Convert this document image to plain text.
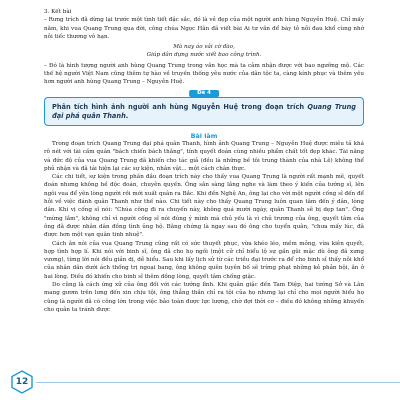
3. Kết bài

– Rưng trích đã dừng lại trước một tình tiết đặc sắc, đó là vẻ đẹp của một người anh hùng Nguyễn Huệ. Chỉ mấy năm, khi vua Quang Trung qua đời, công chúa Ngọc Hân đã viết bài Ai tư văn để bày tỏ nỗi đau khổ cùng nhớ nỗi tiếc thương vô hạn.

Mà nay áo vải cờ đào,

Giúp dân dựng nước xiết bao công trình.

– Đó là hình tượng người anh hùng Quang Trung trong văn học mà ta cảm nhận được với bao ngưỡng mộ. Các thế hệ người Việt Nam cũng thêm tự hào về truyền thống yêu nước của dân tộc ta, càng kính phục và thêm yêu hơn người anh hùng Quang Trung – Nguyễn Huệ.

Đề 4
Phân tích hình ảnh người anh hùng Nguyễn Huệ trong đoạn trích Quang Trung đại phá quân Thanh.

Bài làm

Trong đoạn trích Quang Trung đại phá quân Thanh, hình ảnh Quang Trung – Nguyễn Huệ được miêu tả khá rõ nét với tài cầm quân "bách chiến bách thắng", tính quyết đoán cùng nhiều phẩm chất tốt đẹp khác. Tài năng và đức độ của vua Quang Trung đã khiến cho tác giả (đều là những bề tôi trung thành của nhà Lê) không thể phủ nhận và đã tái hiện lại các sự kiện, nhân vật... một cách chân thực.

Các chi tiết, sự kiện trong phần đầu đoạn trích này cho thấy vua Quang Trung là người rất mạnh mẽ, quyết đoán nhưng không hề độc đoán, chuyên quyền. Ông sẵn sàng lắng nghe và làm theo ý kiến của tướng sĩ, lên ngôi vua để yên lòng người rồi mới xuất quân ra Bắc. Khi đến Nghệ An, ông lại cho vời một người cống sĩ đến để hỏi về việc đánh quân Thanh như thế nào. Chi tiết này cho thấy Quang Trung luôn quan tâm đến ý dân, lòng dân. Khi vị cống sĩ nói: "Chúa công đi ra chuyến này, không quá mười ngày, quân Thanh sẽ bị dẹp tan". Ông "mừng lắm", không chỉ vì người cống sĩ nói đúng ý mình mà chủ yếu là vì chủ trương của ông, quyết tâm của ông đã được nhân dân đồng tình ủng hộ. Bằng chứng là ngay sau đó ông cho tuyển quân, "chưa mấy lúc, đã được hơn một vạn quân tinh nhuệ".

Cách ăn nói của vua Quang Trung cũng rất có sức thuyết phục, vừa khéo léo, mềm mỏng, vừa kiên quyết, hợp tình hợp lí. Khi nói với binh sĩ, ông đã cho họ ngồi (một cử chỉ biểu lộ sự gần gũi mặc dù ông đã xưng vương), từng lời nói đều giản dị, dễ hiểu. Sau khi lấy lịch sử từ các triều đại trước ra để cho binh sĩ thấy nỗi khổ của nhân dân dưới ách thống trị ngoại bang, ông không quên tuyên bố sẽ trừng phạt những kẻ phản bội, ăn ở hai lòng. Điều đó khiến cho binh sĩ thêm đồng lòng, quyết tâm chống giặc.

Do cũng là cách ứng xử của ông đối với các tướng lĩnh. Khi quân giặc đến Tam Điệp, hai tướng Sở và Lân mang gươm trên lưng đến xin chịu tội, ông thẳng thắn chỉ ra tội của họ nhưng lại chỉ cho mọi người hiểu họ cũng là người đã có công lớn trong việc bảo toàn được lực lượng, chờ đợi thời cơ – điều đó không những khuyến cho quân ta tránh được

12
